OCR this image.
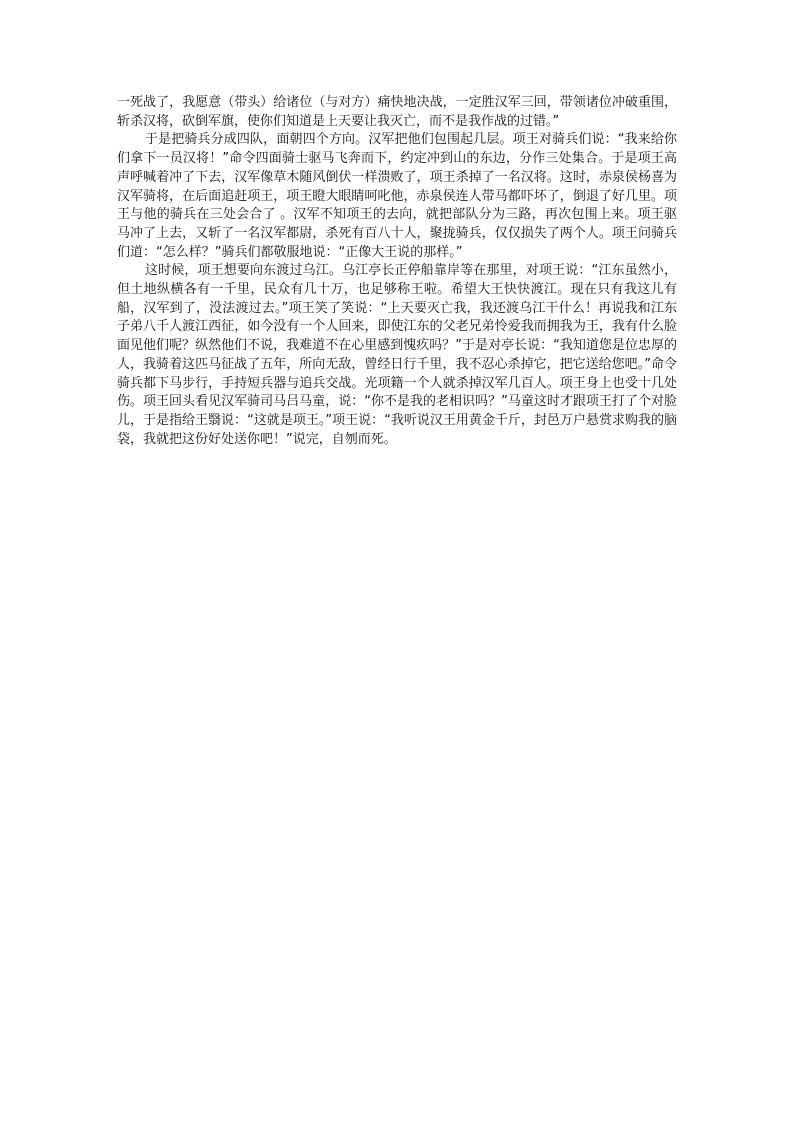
一死战了，我愿意（带头）给诸位（与对方）痛快地决战，一定胜汉军三回，带领诸位冲破重围，斩杀汉将，砍倒军旗，使你们知道是上天要让我灭亡，而不是我作战的过错。”

于是把骑兵分成四队，面朝四个方向。汉军把他们包围起几层。项王对骑兵们说：“我来给你们拿下一员汉将！”命令四面骑士驱马飞奔而下，约定冲到山的东边，分作三处集合。于是项王高声呼喊着冲了下去，汉军像草木随风倒伏一样溃败了，项王杀掉了一名汉将。这时，赤泉侯杨喜为汉军骑将，在后面追赶项王，项王瞪大眼睛呵叱他，赤泉侯连人带马都吓坏了，倒退了好几里。项王与他的骑兵在三处会合了 。汉军不知项王的去向，就把部队分为三路，再次包围上来。项王驱马冲了上去，又斩了一名汉军都尉，杀死有百八十人，聚拢骑兵，仅仅损失了两个人。项王问骑兵们道：“怎么样？”骑兵们都敬服地说：“正像大王说的那样。”

这时候，项王想要向东渡过乌江。乌江亭长正停船靠岸等在那里，对项王说：“江东虽然小，但土地纵横各有一千里，民众有几十万，也足够称王啦。希望大王快快渡江。现在只有我这儿有船，汉军到了，没法渡过去。”项王笑了笑说：“上天要灭亡我，我还渡乌江干什么！再说我和江东子弟八千人渡江西征，如今没有一个人回来，即使江东的父老兄弟怜爱我而拥我为王，我有什么脸面见他们呢？纵然他们不说，我难道不在心里感到愧疚吗？”于是对亭长说：“我知道您是位忠厚的人，我骑着这匹马征战了五年，所向无敌，曾经日行千里，我不忍心杀掉它，把它送给您吧。”命令骑兵都下马步行，手持短兵器与追兵交战。光项籍一个人就杀掉汉军几百人。项王身上也受十几处伤。项王回头看见汉军骑司马吕马童，说：“你不是我的老相识吗？”马童这时才跟项王打了个对脸儿，于是指给王翳说：“这就是项王。”项王说：“我听说汉王用黄金千斤，封邑万户悬赏求购我的脑袋，我就把这份好处送你吧！”说完，自刎而死。
